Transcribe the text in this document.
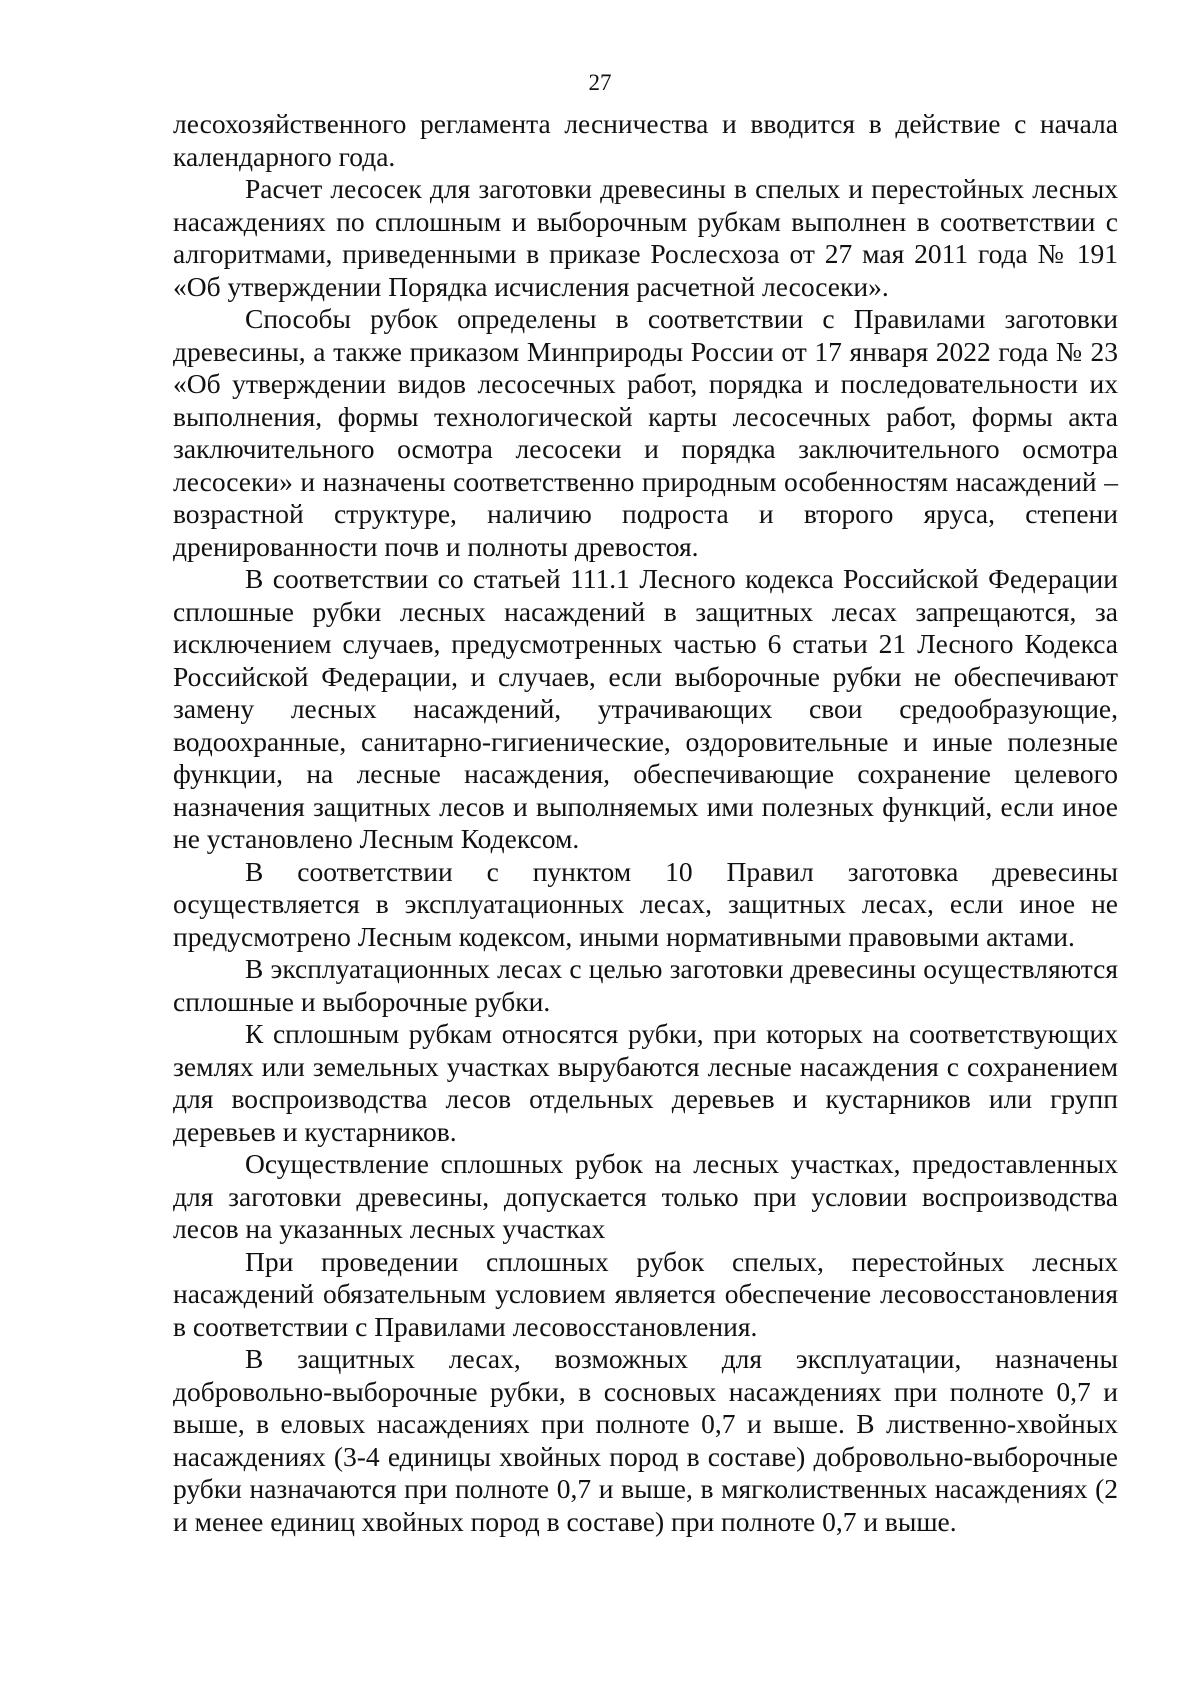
27

лесохозяйственного регламента лесничества и вводится в действие с начала календарного года.

Расчет лесосек для заготовки древесины в спелых и перестойных лесных насаждениях по сплошным и выборочным рубкам выполнен в соответствии с алгоритмами, приведенными в приказе Рослесхоза от 27 мая 2011 года № 191 «Об утверждении Порядка исчисления расчетной лесосеки».

Способы рубок определены в соответствии с Правилами заготовки древесины, а также приказом Минприроды России от 17 января 2022 года № 23 «Об утверждении видов лесосечных работ, порядка и последовательности их выполнения, формы технологической карты лесосечных работ, формы акта заключительного осмотра лесосеки и порядка заключительного осмотра лесосеки» и назначены соответственно природным особенностям насаждений – возрастной структуре, наличию подроста и второго яруса, степени дренированности почв и полноты древостоя.

В соответствии со статьей 111.1 Лесного кодекса Российской Федерации сплошные рубки лесных насаждений в защитных лесах запрещаются, за исключением случаев, предусмотренных частью 6 статьи 21 Лесного Кодекса Российской Федерации, и случаев, если выборочные рубки не обеспечивают замену лесных насаждений, утрачивающих свои средообразующие, водоохранные, санитарно-гигиенические, оздоровительные и иные полезные функции, на лесные насаждения, обеспечивающие сохранение целевого назначения защитных лесов и выполняемых ими полезных функций, если иное не установлено Лесным Кодексом.

В соответствии с пунктом 10 Правил заготовка древесины осуществляется в эксплуатационных лесах, защитных лесах, если иное не предусмотрено Лесным кодексом, иными нормативными правовыми актами.

В эксплуатационных лесах с целью заготовки древесины осуществляются сплошные и выборочные рубки.

К сплошным рубкам относятся рубки, при которых на соответствующих землях или земельных участках вырубаются лесные насаждения с сохранением для воспроизводства лесов отдельных деревьев и кустарников или групп деревьев и кустарников.

Осуществление сплошных рубок на лесных участках, предоставленных для заготовки древесины, допускается только при условии воспроизводства лесов на указанных лесных участках

При проведении сплошных рубок спелых, перестойных лесных насаждений обязательным условием является обеспечение лесовосстановления в соответствии с Правилами лесовосстановления.

В защитных лесах, возможных для эксплуатации, назначены добровольно-выборочные рубки, в сосновых насаждениях при полноте 0,7 и выше, в еловых насаждениях при полноте 0,7 и выше. В лиственно-хвойных насаждениях (3-4 единицы хвойных пород в составе) добровольно-выборочные рубки назначаются при полноте 0,7 и выше, в мягколиственных насаждениях (2 и менее единиц хвойных пород в составе) при полноте 0,7 и выше.
